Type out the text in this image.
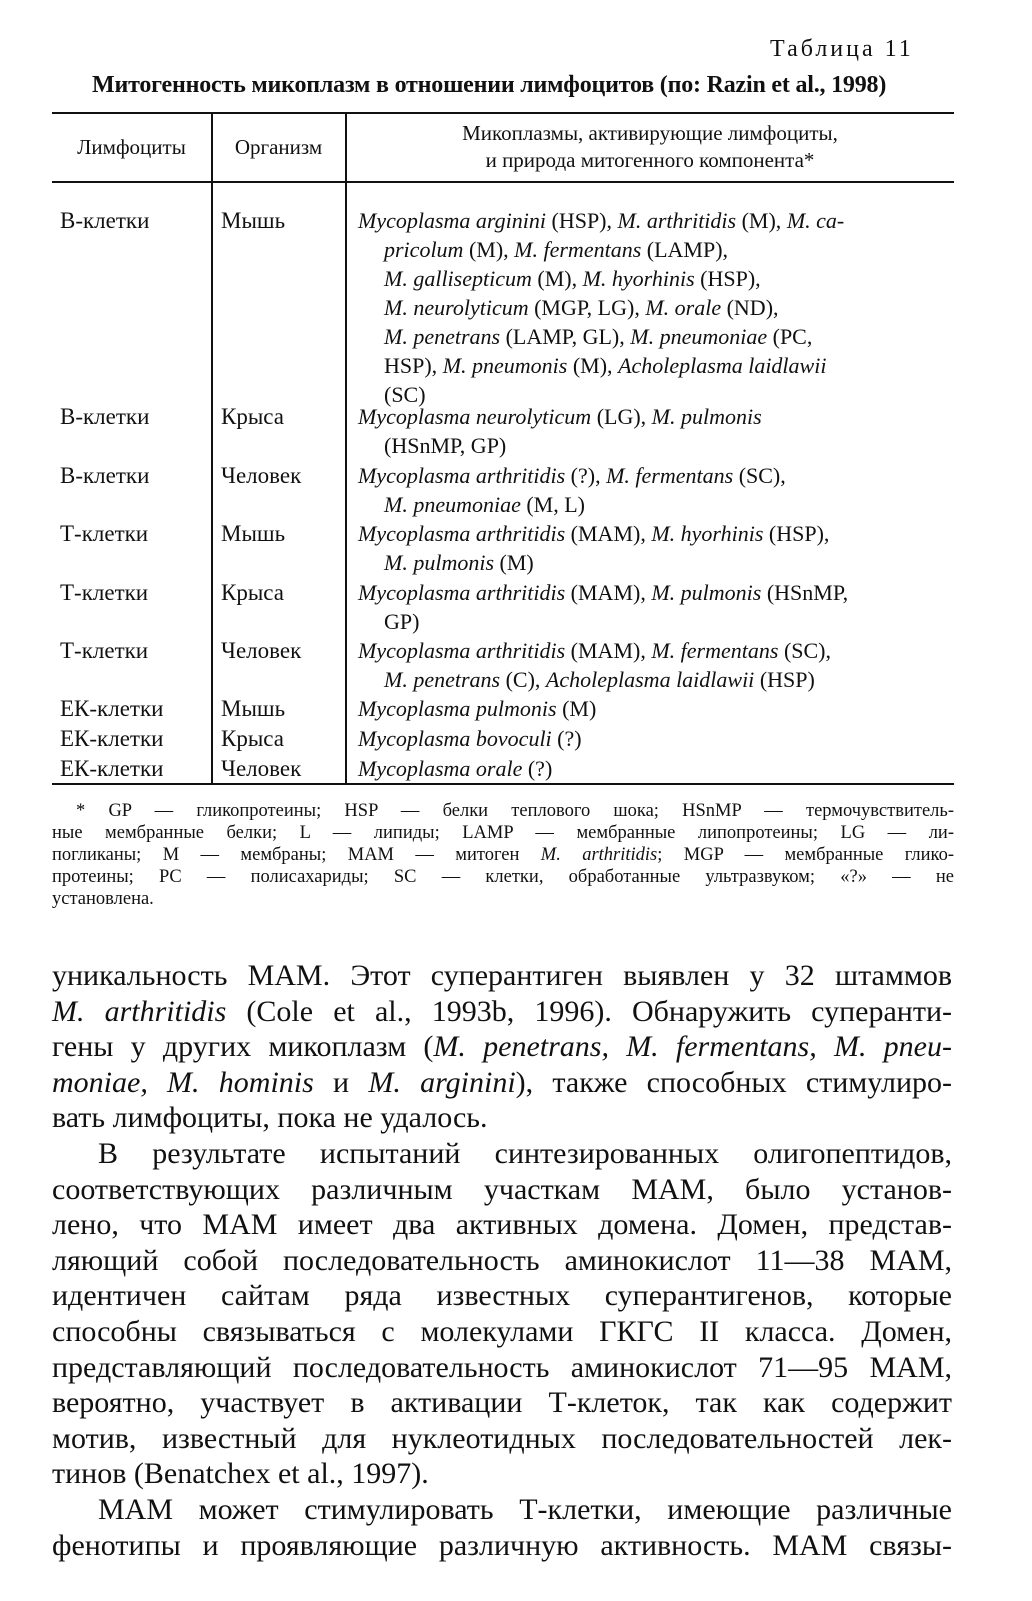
Таблица 11
Митогенность микоплазм в отношении лимфоцитов (по: Razin et al., 1998)
Лимфоциты	Организм
Микоплазмы, активирующие лимфоциты,
и природа митогенного компонента*
В-клетки	Мышь	Mycoplasma arginini (HSP), M. arthritidis (M), M. ca-
pricolum (M), M. fermentans (LAMP),
M. gallisepticum (M), M. hyorhinis (HSP),
M. neurolyticum (MGP, LG), M. orale (ND),
M. penetrans (LAMP, GL), M. pneumoniae (PC,
HSP), M. pneumonis (M), Acholeplasma laidlawii
(SC)
В-клетки	Крыса	Mycoplasma neurolyticum (LG), M. pulmonis
(HSnMP, GP)
В-клетки	Человек	Mycoplasma arthritidis (?), M. fermentans (SC),
M. pneumoniae (M, L)
Т-клетки	Мышь	Mycoplasma arthritidis (MAM), M. hyorhinis (HSP),
M. pulmonis (M)
Т-клетки	Крыса	Mycoplasma arthritidis (MAM), M. pulmonis (HSnMP,
GP)
Т-клетки	Человек	Mycoplasma arthritidis (MAM), M. fermentans (SC),
M. penetrans (C), Acholeplasma laidlawii (HSP)
ЕК-клетки	Мышь	Mycoplasma pulmonis (M)
ЕК-клетки	Крыса	Mycoplasma bovoculi (?)
ЕК-клетки	Человек	Mycoplasma orale (?)
* GP — гликопротеины; HSP — белки теплового шока; HSnMP — термочувствитель-
ные мембранные белки; L — липиды; LAMP — мембранные липопротеины; LG — ли-
погликаны; M — мембраны; MAM — митоген M. arthritidis; MGP — мембранные глико-
протеины; PC — полисахариды; SC — клетки, обработанные ультразвуком; «?» — не
установлена.
уникальность MAM. Этот суперантиген выявлен у 32 штаммов
M. arthritidis (Cole et al., 1993b, 1996). Обнаружить суперанти-
гены у других микоплазм (M. penetrans, M. fermentans, M. pneu-
moniae, M. hominis и M. arginini), также способных стимулиро-
вать лимфоциты, пока не удалось.
В результате испытаний синтезированных олигопептидов,
соответствующих различным участкам MAM, было установ-
лено, что MAM имеет два активных домена. Домен, представ-
ляющий собой последовательность аминокислот 11—38 MAM,
идентичен сайтам ряда известных суперантигенов, которые
способны связываться с молекулами ГКГС II класса. Домен,
представляющий последовательность аминокислот 71—95 MAM,
вероятно, участвует в активации Т-клеток, так как содержит
мотив, известный для нуклеотидных последовательностей лек-
тинов (Benatchex et al., 1997).
MAM может стимулировать Т-клетки, имеющие различные
фенотипы и проявляющие различную активность. MAM связы-
